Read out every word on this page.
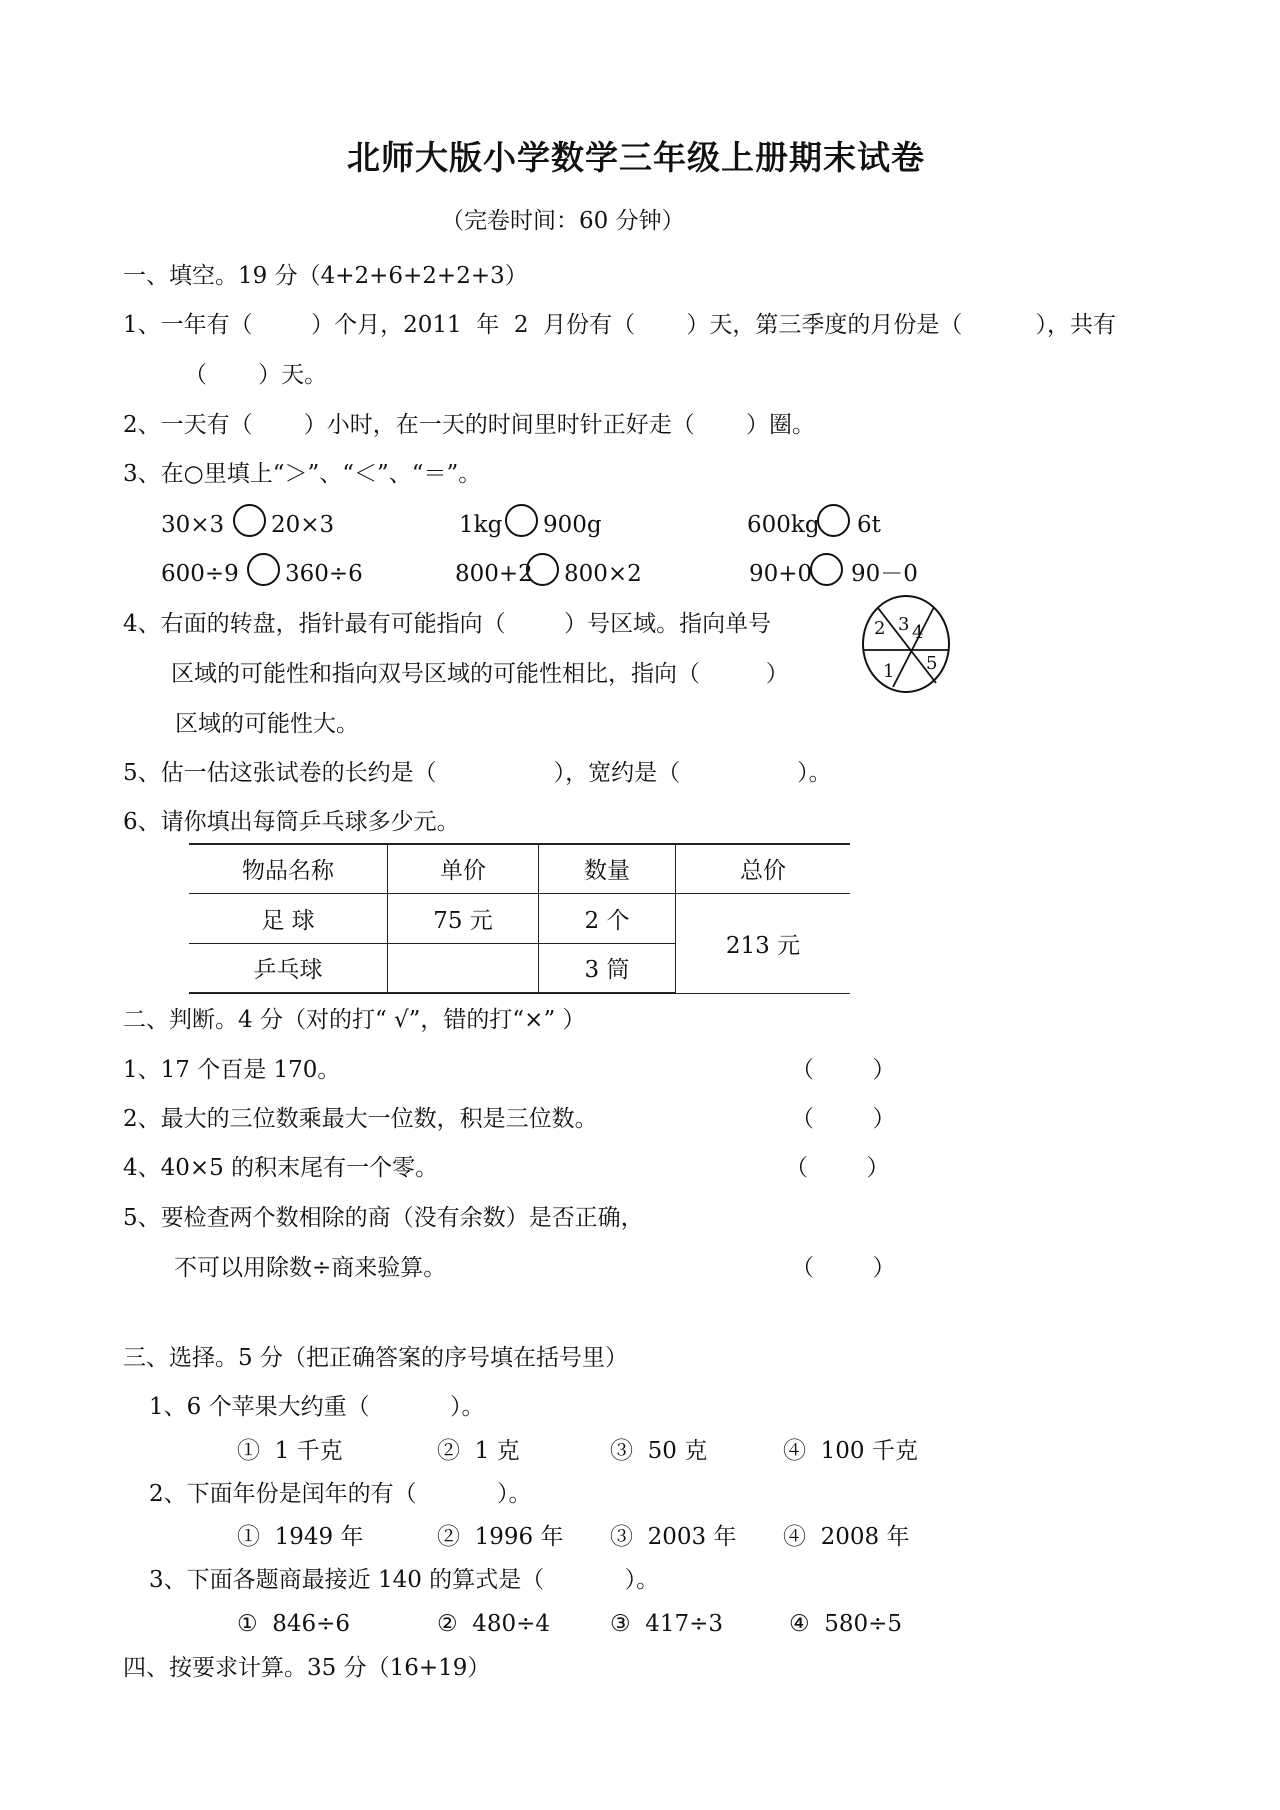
北师大版小学数学三年级上册期末试卷
（完卷时间：60 分钟）
一、填空。19 分（4+2+6+2+2+3）
1、一年有（        ）个月，2011  年  2  月份有（       ）天，第三季度的月份是（          ），共有
（       ）天。
2、一天有（       ）小时，在一天的时间里时针正好走（       ）圈。
3、在○里填上“＞”、“＜”、“＝”。
30×3 20×3	1kg 900g	600kg 6t
600÷9 360÷6	800+2 800×2	90+0 90－0
4、右面的转盘，指针最有可能指向（        ）号区域。指向单号
区域的可能性和指向双号区域的可能性相比，指向（         ）
区域的可能性大。
1
2 3 4
5
5、估一估这张试卷的长约是（                ），宽约是（                ）。
6、请你填出每筒乒乓球多少元。
物品名称	单价	数量	总价
足 球	75 元	2 个	213 元
乒乓球		3 筒	
二、判断。4 分（对的打“ √”，错的打“×” ）
1、17 个百是 170。	（        ）
2、最大的三位数乘最大一位数，积是三位数。	（        ）
4、40×5 的积末尾有一个零。	（        ）
5、要检查两个数相除的商（没有余数）是否正确，
不可以用除数÷商来验算。	（        ）
三、选择。5 分（把正确答案的序号填在括号里）
1、6 个苹果大约重（           ）。
①  1 千克	②  1 克	③  50 克	④  100 千克
2、下面年份是闰年的有（           ）。
①  1949 年	②  1996 年 ③  2003 年 ④  2008 年
3、下面各题商最接近 140 的算式是（           ）。
①  846÷6	②  480÷4	③  417÷3	④  580÷5
四、按要求计算。35 分（16+19）
